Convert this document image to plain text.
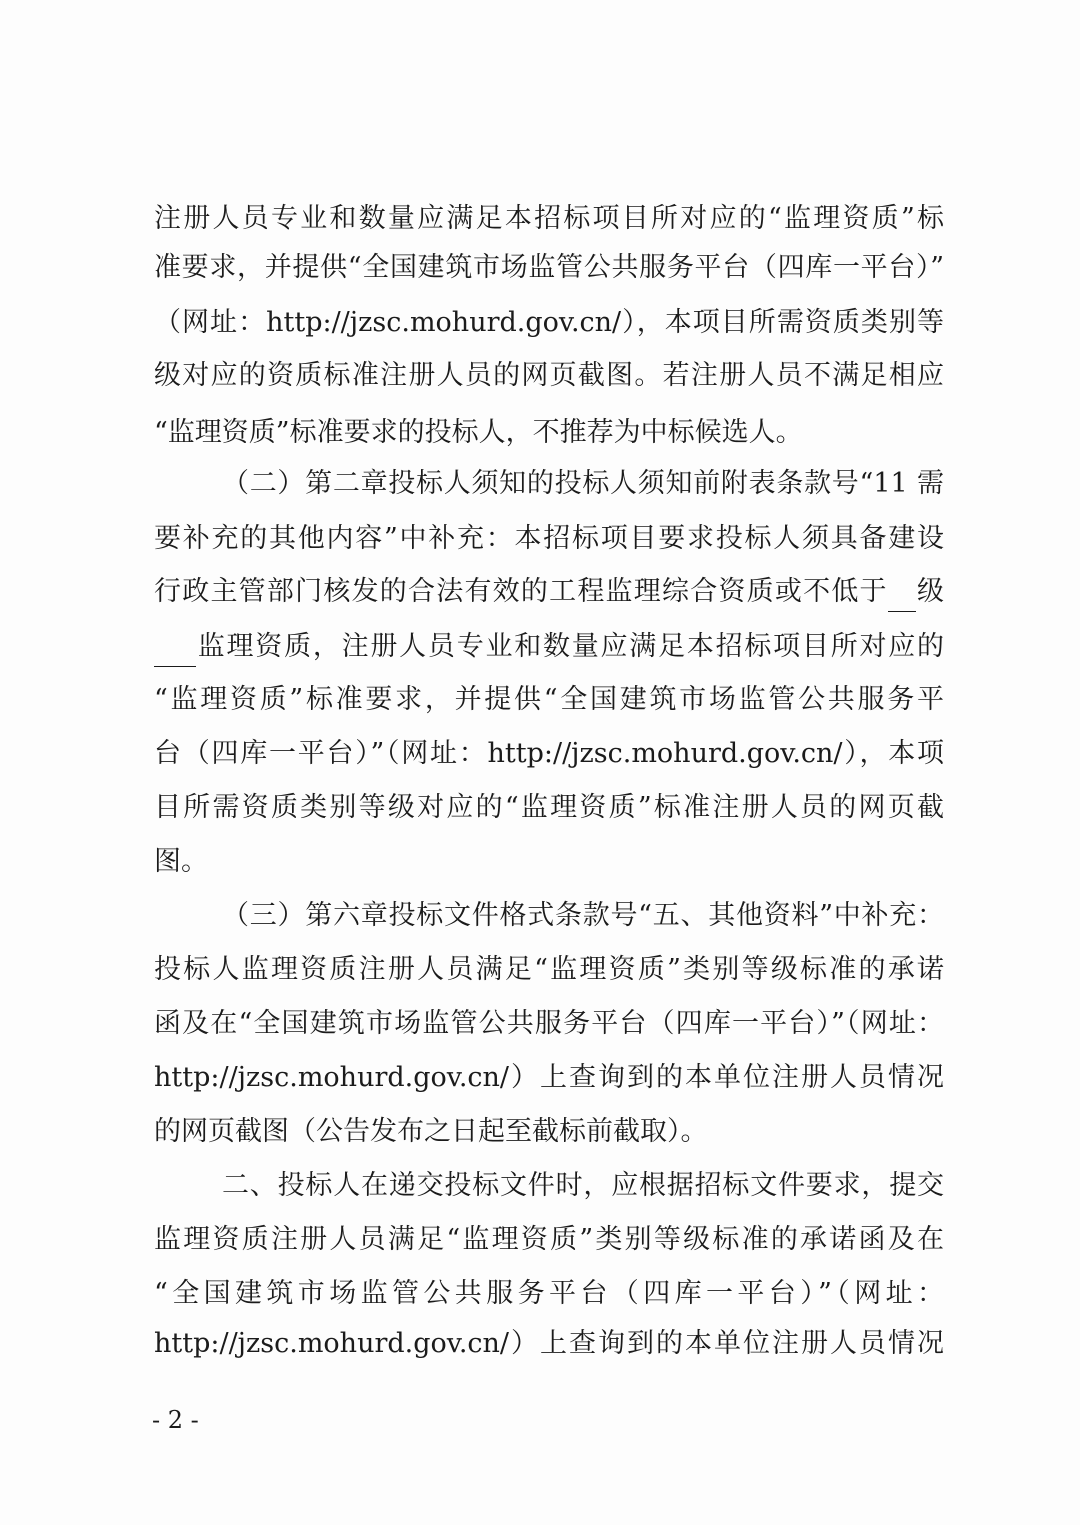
注册人员专业和数量应满足本招标项目所对应的“监理资质”标
准要求，并提供“全国建筑市场监管公共服务平台（四库一平台）”
（网址：http://jzsc.mohurd.gov.cn/），本项目所需资质类别等
级对应的资质标准注册人员的网页截图。若注册人员不满足相应
“监理资质”标准要求的投标人，不推荐为中标候选人。
（二）第二章投标人须知的投标人须知前附表条款号“11 需
要补充的其他内容”中补充：本招标项目要求投标人须具备建设
行政主管部门核发的合法有效的工程监理综合资质或不低于 级
监理资质，注册人员专业和数量应满足本招标项目所对应的
“监理资质”标准要求，并提供“全国建筑市场监管公共服务平
台（四库一平台）”（网址：http://jzsc.mohurd.gov.cn/），本项
目所需资质类别等级对应的“监理资质”标准注册人员的网页截
图。
（三）第六章投标文件格式条款号“五、其他资料”中补充：
投标人监理资质注册人员满足“监理资质”类别等级标准的承诺
函及在“全国建筑市场监管公共服务平台（四库一平台）”（网址：
http://jzsc.mohurd.gov.cn/）上查询到的本单位注册人员情况
的网页截图（公告发布之日起至截标前截取）。
二、投标人在递交投标文件时，应根据招标文件要求，提交
监理资质注册人员满足“监理资质”类别等级标准的承诺函及在
“全国建筑市场监管公共服务平台（四库一平台）”（网址：
http://jzsc.mohurd.gov.cn/）上查询到的本单位注册人员情况
- 2 -
